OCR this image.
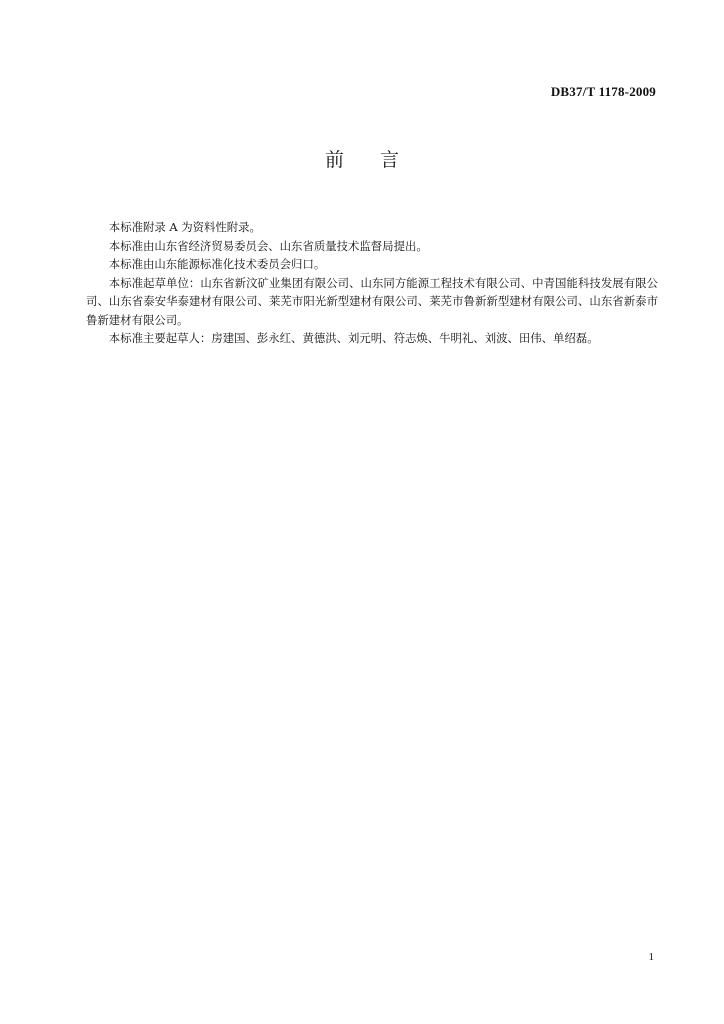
DB37/T 1178-2009
前言

本标准附录 A 为资料性附录。

本标准由山东省经济贸易委员会、山东省质量技术监督局提出。

本标准由山东能源标准化技术委员会归口。

本标准起草单位：山东省新汶矿业集团有限公司、山东同方能源工程技术有限公司、中青国能科技发展有限公司、山东省泰安华泰建材有限公司、莱芜市阳光新型建材有限公司、莱芜市鲁新新型建材有限公司、山东省新泰市鲁新建材有限公司。

本标准主要起草人：房建国、彭永红、黄德洪、刘元明、符志焕、牛明礼、刘波、田伟、单绍磊。

1
